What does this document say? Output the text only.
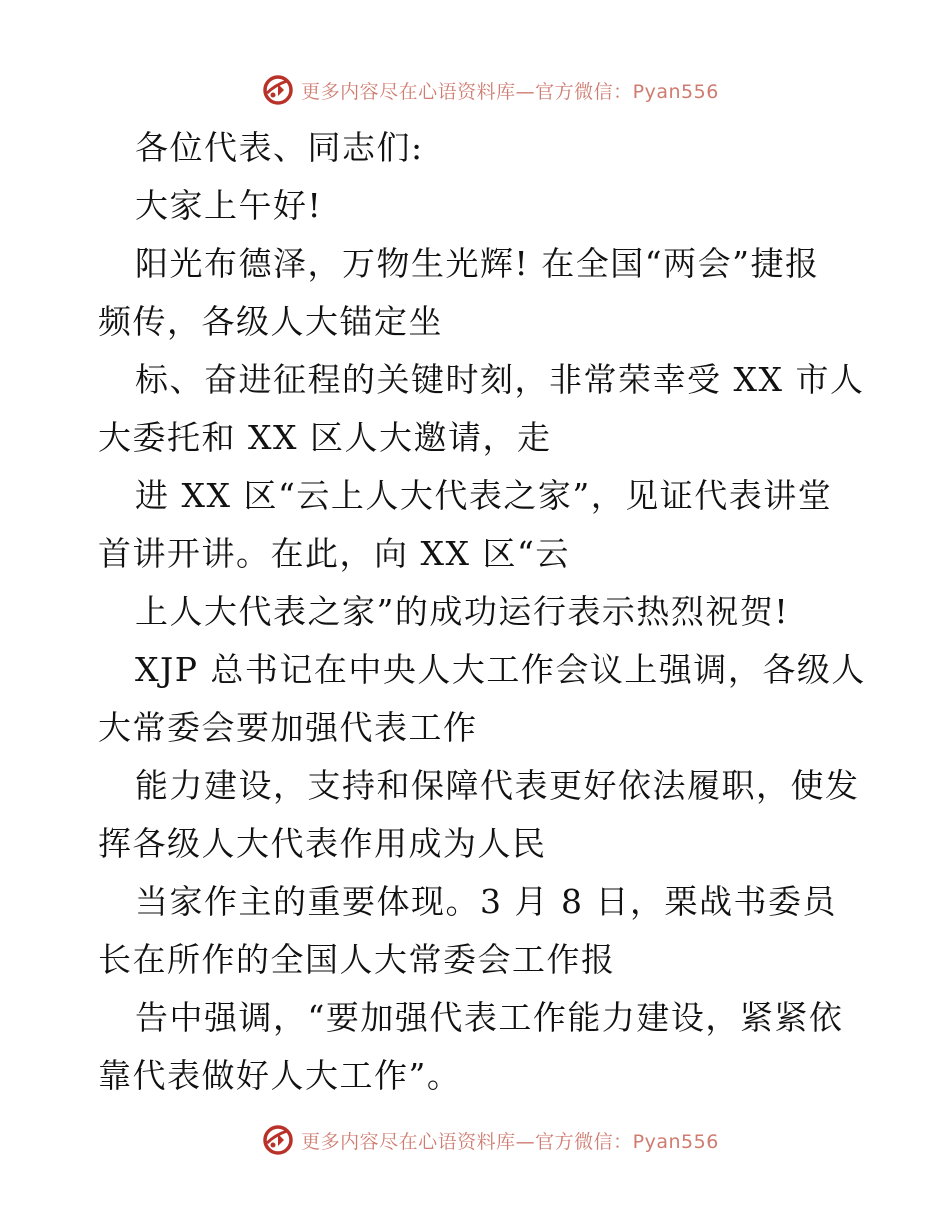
更多内容尽在心语资料库—官方微信：Pyan556
各位代表、同志们:
大家上午好!
阳光布德泽，万物生光辉! 在全国“两会”捷报
频传，各级人大锚定坐
标、奋进征程的关键时刻，非常荣幸受 XX 市人
大委托和 XX 区人大邀请，走
进 XX 区“云上人大代表之家”，见证代表讲堂
首讲开讲。在此，向 XX 区“云
上人大代表之家”的成功运行表示热烈祝贺!
XJP 总书记在中央人大工作会议上强调，各级人
大常委会要加强代表工作
能力建设，支持和保障代表更好依法履职，使发
挥各级人大代表作用成为人民
当家作主的重要体现。3 月 8 日，栗战书委员
长在所作的全国人大常委会工作报
告中强调，“要加强代表工作能力建设，紧紧依
靠代表做好人大工作”。
更多内容尽在心语资料库—官方微信：Pyan556
